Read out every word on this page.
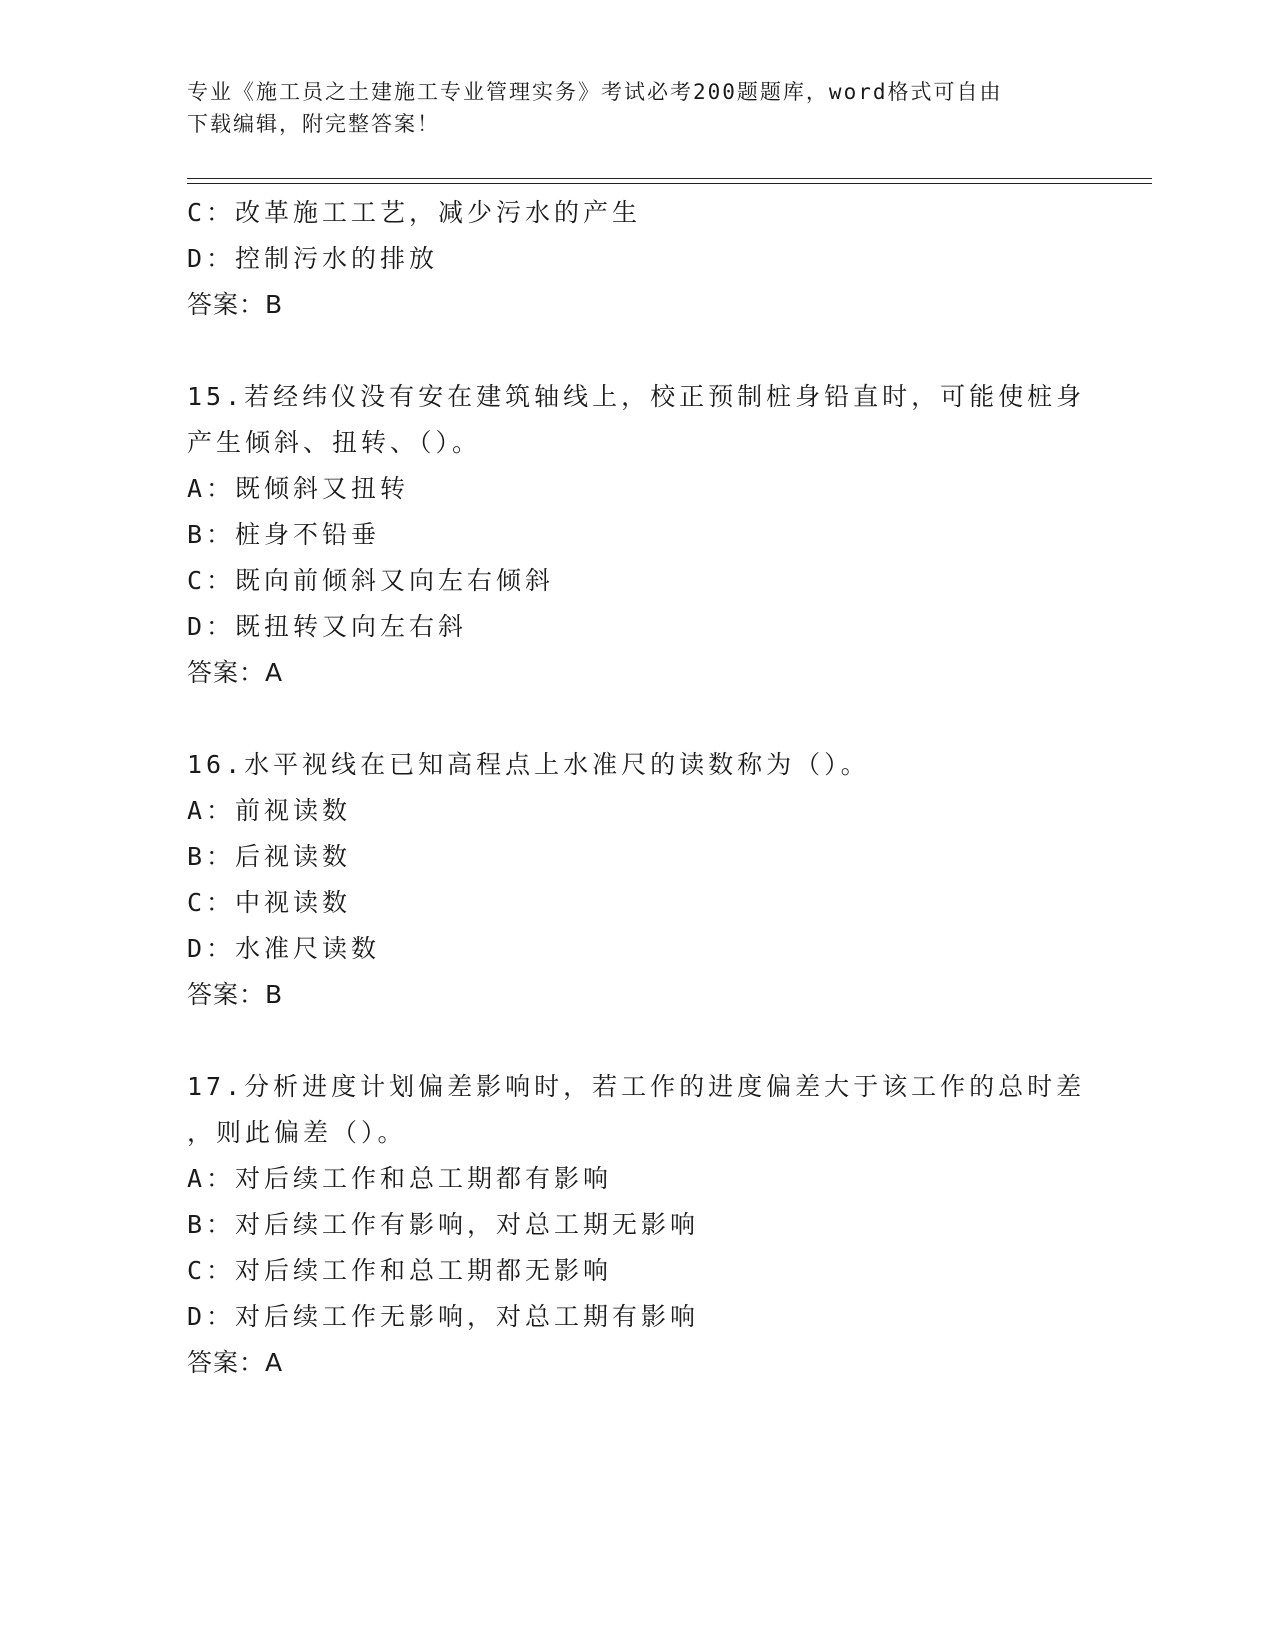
专业《施工员之土建施工专业管理实务》考试必考200题题库，word格式可自由
下载编辑，附完整答案！
C：改革施工工艺，减少污水的产生
D：控制污水的排放
答案：B
15.若经纬仪没有安在建筑轴线上，校正预制桩身铅直时，可能使桩身
产生倾斜、扭转、（）。
A：既倾斜又扭转
B：桩身不铅垂
C：既向前倾斜又向左右倾斜
D：既扭转又向左右斜
答案：A
16.水平视线在已知高程点上水准尺的读数称为（）。
A：前视读数
B：后视读数
C：中视读数
D：水准尺读数
答案：B
17.分析进度计划偏差影响时，若工作的进度偏差大于该工作的总时差
，则此偏差（）。
A：对后续工作和总工期都有影响
B：对后续工作有影响，对总工期无影响
C：对后续工作和总工期都无影响
D：对后续工作无影响，对总工期有影响
答案：A
